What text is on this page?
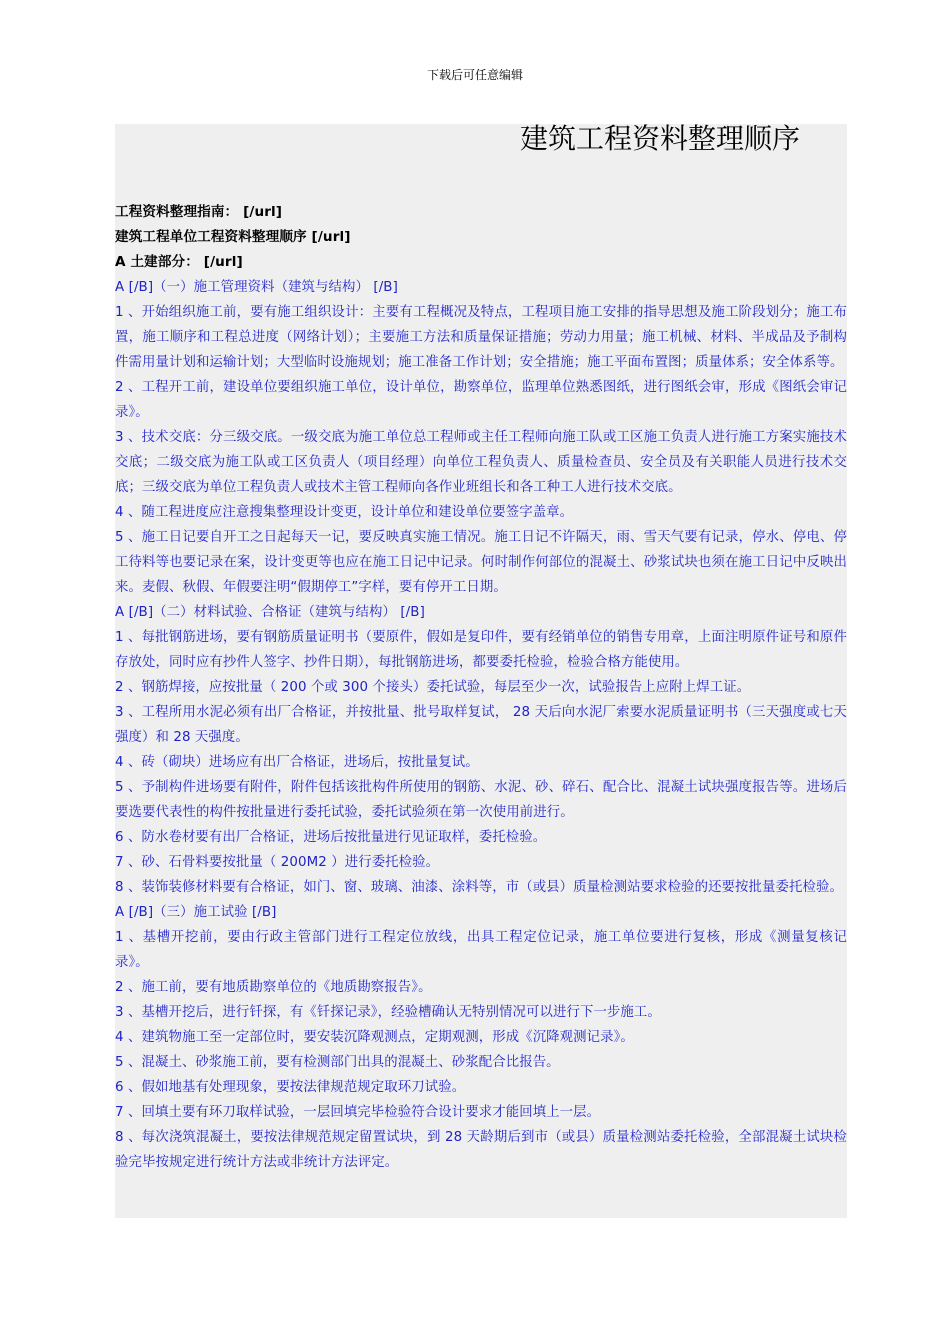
下载后可任意编辑
建筑工程资料整理顺序

工程资料整理指南： [/url]

建筑工程单位工程资料整理顺序 [/url]

A 土建部分： [/url]

A [/B]（一）施工管理资料（建筑与结构） [/B]

1 、开始组织施工前，要有施工组织设计：主要有工程概况及特点，工程项目施工安排的指导思想及施工阶段划分；施工布置，施工顺序和工程总进度（网络计划）；主要施工方法和质量保证措施；劳动力用量；施工机械、材料、半成品及予制构件需用量计划和运输计划；大型临时设施规划；施工准备工作计划；安全措施；施工平面布置图；质量体系；安全体系等。

2 、工程开工前，建设单位要组织施工单位，设计单位，勘察单位，监理单位熟悉图纸，进行图纸会审，形成《图纸会审记录》。

3 、技术交底：分三级交底。一级交底为施工单位总工程师或主任工程师向施工队或工区施工负责人进行施工方案实施技术交底；二级交底为施工队或工区负责人（项目经理）向单位工程负责人、质量检查员、安全员及有关职能人员进行技术交底；三级交底为单位工程负责人或技术主管工程师向各作业班组长和各工种工人进行技术交底。

4 、随工程进度应注意搜集整理设计变更，设计单位和建设单位要签字盖章。

5 、施工日记要自开工之日起每天一记，要反映真实施工情况。施工日记不许隔天，雨、雪天气要有记录，停水、停电、停工待料等也要记录在案，设计变更等也应在施工日记中记录。何时制作何部位的混凝土、砂浆试块也须在施工日记中反映出来。麦假、秋假、年假要注明“假期停工”字样，要有停开工日期。

A [/B]（二）材料试验、合格证（建筑与结构） [/B]

1 、每批钢筋进场，要有钢筋质量证明书（要原件，假如是复印件，要有经销单位的销售专用章，上面注明原件证号和原件存放处，同时应有抄件人签字、抄件日期），每批钢筋进场，都要委托检验，检验合格方能使用。

2 、钢筋焊接，应按批量（ 200 个或 300 个接头）委托试验，每层至少一次，试验报告上应附上焊工证。

3 、工程所用水泥必须有出厂合格证，并按批量、批号取样复试， 28 天后向水泥厂索要水泥质量证明书（三天强度或七天强度）和 28 天强度。

4 、砖（砌块）进场应有出厂合格证，进场后，按批量复试。

5 、予制构件进场要有附件，附件包括该批构件所使用的钢筋、水泥、砂、碎石、配合比、混凝土试块强度报告等。进场后要选要代表性的构件按批量进行委托试验，委托试验须在第一次使用前进行。

6 、防水卷材要有出厂合格证，进场后按批量进行见证取样，委托检验。

7 、砂、石骨料要按批量（ 200M2 ）进行委托检验。

8 、装饰装修材料要有合格证，如门、窗、玻璃、油漆、涂料等，市（或县）质量检测站要求检验的还要按批量委托检验。

A [/B]（三）施工试验 [/B]

1 、基槽开挖前，要由行政主管部门进行工程定位放线，出具工程定位记录，施工单位要进行复核，形成《测量复核记录》。

2 、施工前，要有地质勘察单位的《地质勘察报告》。

3 、基槽开挖后，进行钎探，有《钎探记录》，经验槽确认无特别情况可以进行下一步施工。

4 、建筑物施工至一定部位时，要安装沉降观测点，定期观测，形成《沉降观测记录》。

5 、混凝土、砂浆施工前，要有检测部门出具的混凝土、砂浆配合比报告。

6 、假如地基有处理现象，要按法律规范规定取环刀试验。

7 、回填土要有环刀取样试验，一层回填完毕检验符合设计要求才能回填上一层。

8 、每次浇筑混凝土，要按法律规范规定留置试块，到 28 天龄期后到市（或县）质量检测站委托检验，全部混凝土试块检验完毕按规定进行统计方法或非统计方法评定。
